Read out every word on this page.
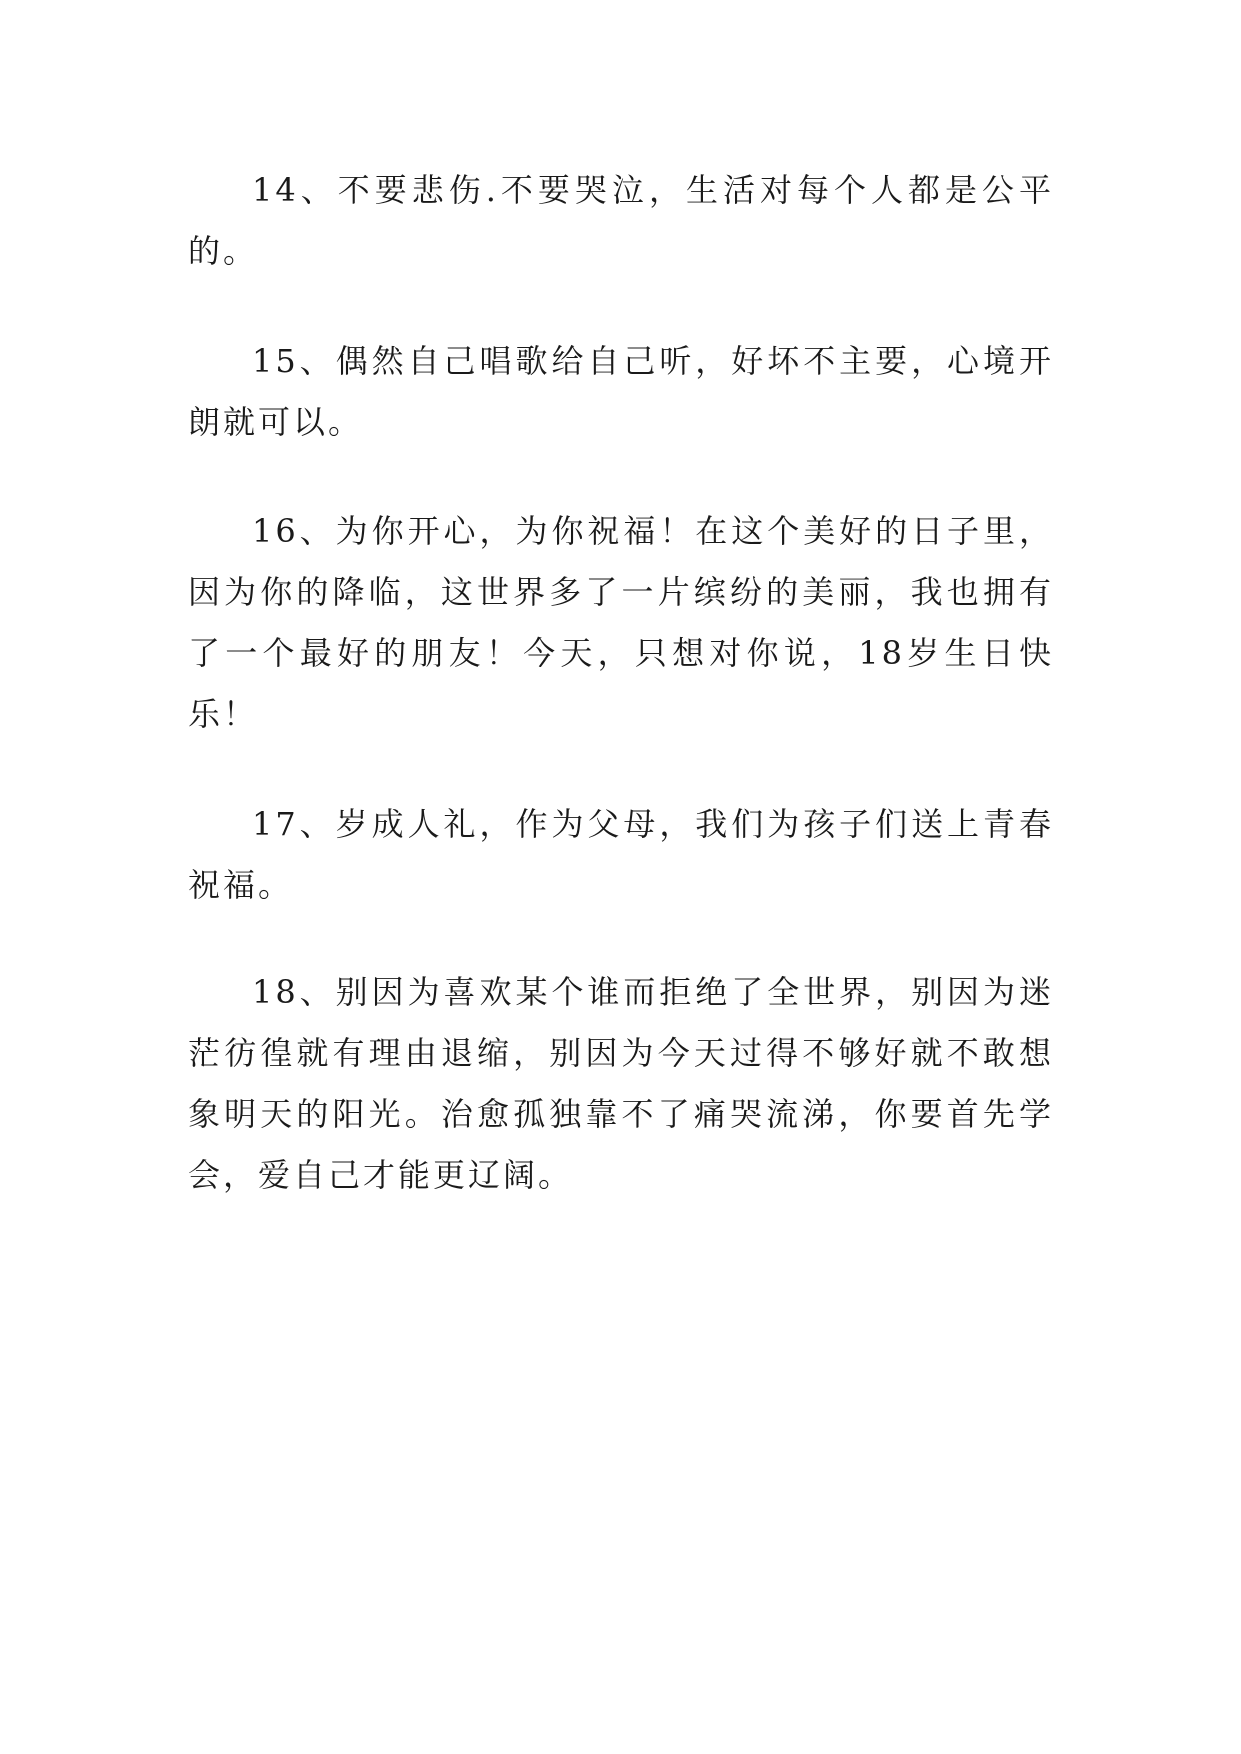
14、不要悲伤.不要哭泣，生活对每个人都是公平的。

15、偶然自己唱歌给自己听，好坏不主要，心境开朗就可以。

16、为你开心，为你祝福！在这个美好的日子里，因为你的降临，这世界多了一片缤纷的美丽，我也拥有了一个最好的朋友！今天，只想对你说，18岁生日快乐！

17、岁成人礼，作为父母，我们为孩子们送上青春祝福。

18、别因为喜欢某个谁而拒绝了全世界，别因为迷茫彷徨就有理由退缩，别因为今天过得不够好就不敢想象明天的阳光。治愈孤独靠不了痛哭流涕，你要首先学会，爱自己才能更辽阔。
